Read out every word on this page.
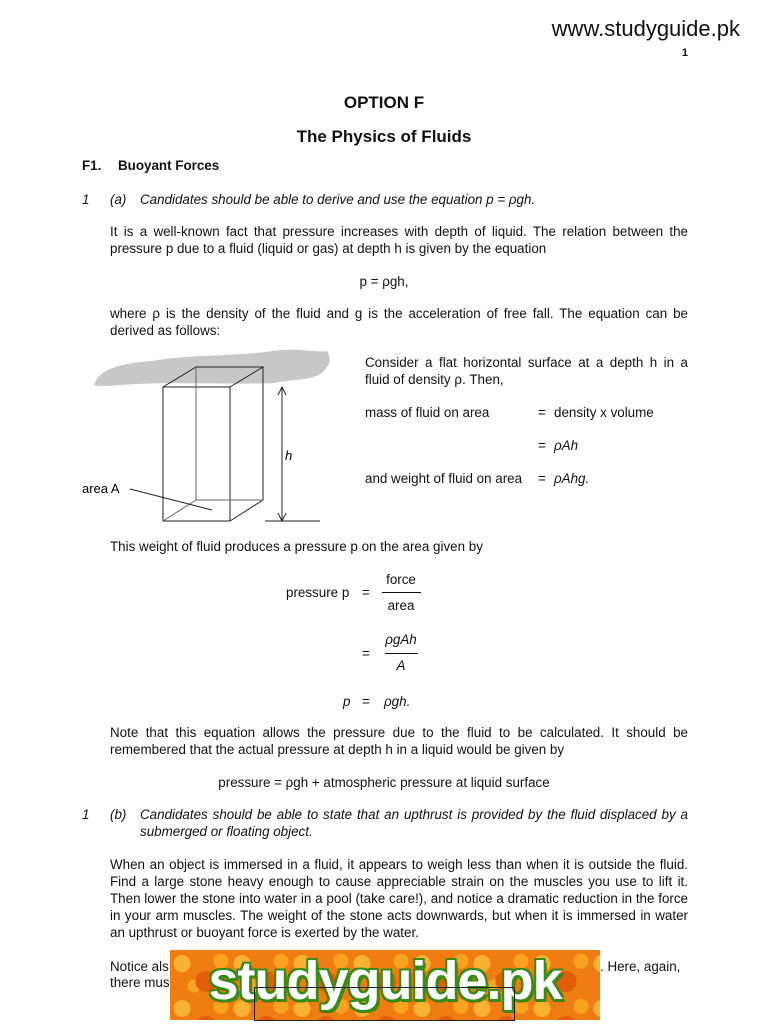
www.studyguide.pk
1
OPTION F
The Physics of Fluids
F1. Buoyant Forces
1 (a) Candidates should be able to derive and use the equation p = ρgh.
It is a well-known fact that pressure increases with depth of liquid. The relation between the pressure p due to a fluid (liquid or gas) at depth h is given by the equation
p = ρgh,
where ρ is the density of the fluid and g is the acceleration of free fall. The equation can be derived as follows:
h
area A
Consider a flat horizontal surface at a depth h in a fluid of density ρ. Then,
mass of fluid on area	= density x volume
= ρAh
and weight of fluid on area = ρAhg.
This weight of fluid produces a pressure p on the area given by
pressure p =
force
area
=
ρgAh
A
p = ρgh.
Note that this equation allows the pressure due to the fluid to be calculated. It should be remembered that the actual pressure at depth h in a liquid would be given by
pressure = ρgh + atmospheric pressure at liquid surface
1 (b) Candidates should be able to state that an upthrust is provided by the fluid displaced by a submerged or floating object.
When an object is immersed in a fluid, it appears to weigh less than when it is outside the fluid. Find a large stone heavy enough to cause appreciable strain on the muscles you use to lift it. Then lower the stone into water in a pool (take care!), and notice a dramatic reduction in the force in your arm muscles. The weight of the stone acts downwards, but when it is immersed in water an upthrust or buoyant force is exerted by the water.
Notice als	. Here, again,
there mus studyguide.pk
